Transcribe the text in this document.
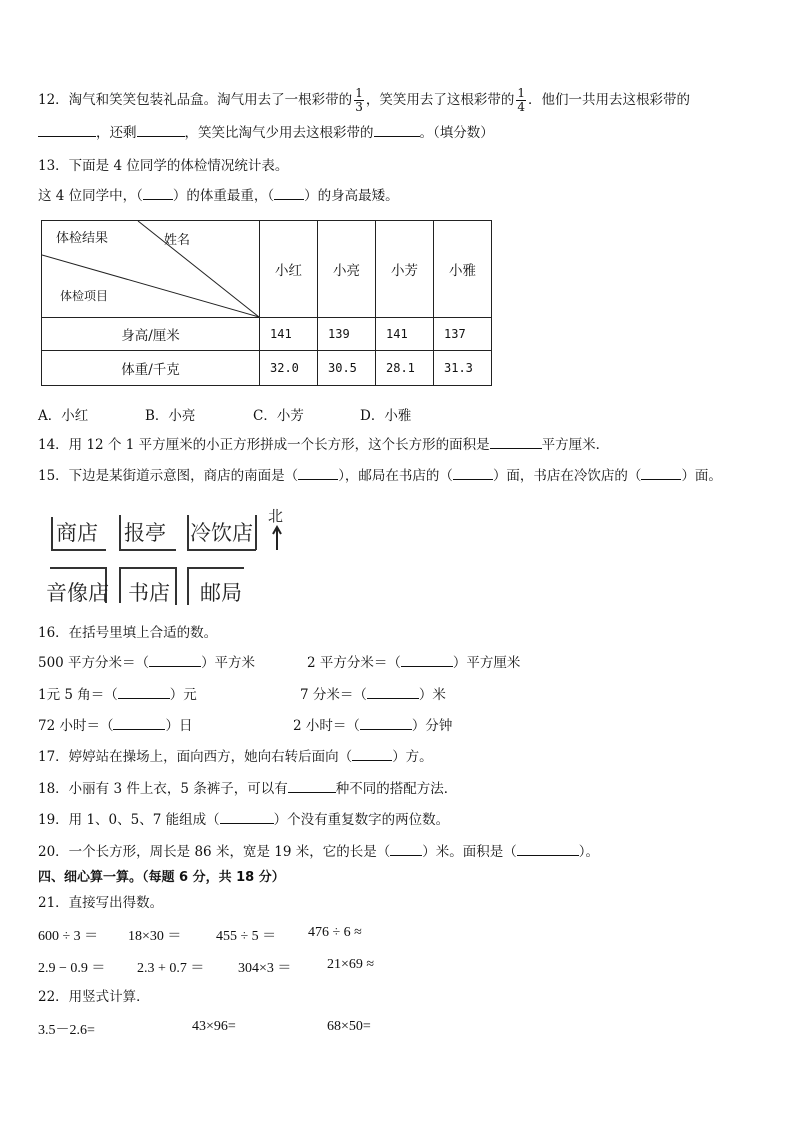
12．淘气和笑笑包装礼品盒。淘气用去了一根彩带的 $\frac{1}{3}$ ，笑笑用去了这根彩带的 $\frac{1}{4}$ ．他们一共用去这根彩带的
，还剩	，笑笑比淘气少用去这根彩带的	。（填分数）
13．下面是 4 位同学的体检情况统计表。
这 4 位同学中，（ ）的体重最重，（ ）的身高最矮。
体检结果 姓名
体检项目	小红	小亮	小芳	小雅
身高/厘米	141	139	141	137
体重/千克	32.0	30.5	28.1	31.3
A．小红	B．小亮	C．小芳	D．小雅
14．用 12 个 1 平方厘米的小正方形拼成一个长方形，这个长方形的面积是	平方厘米．
15．下边是某街道示意图，商店的南面是（	），邮局在书店的（	）面，书店在冷饮店的（	）面。
商店 报亭 冷饮店
音像店 书店 邮局
北
16．在括号里填上合适的数。
500 平方分米＝（	）平方米	2 平方分米＝（	）平方厘米
1元 5 角＝（	）元	7 分米＝（	）米
72 小时＝（	）日	2 小时＝（	）分钟
17．婷婷站在操场上，面向西方，她向右转后面向（	）方。
18．小丽有 3 件上衣，5 条裤子，可以有	种不同的搭配方法．
19．用 1、0、5、7 能组成（	）个没有重复数字的两位数。
20．一个长方形，周长是 86 米，宽是 19 米，它的长是（ ）米。面积是（	）。
四、细心算一算。（每题 6 分，共 18 分）
21．直接写出得数。
600 ÷ 3 ＝ 18×30 ＝ 455 ÷ 5 ＝ 476 ÷ 6 ≈
2.9 − 0.9 ＝ 2.3 + 0.7 ＝ 304×3 ＝	21×69 ≈
22．用竖式计算．
3.5－2.6=	43×96=	68×50=
